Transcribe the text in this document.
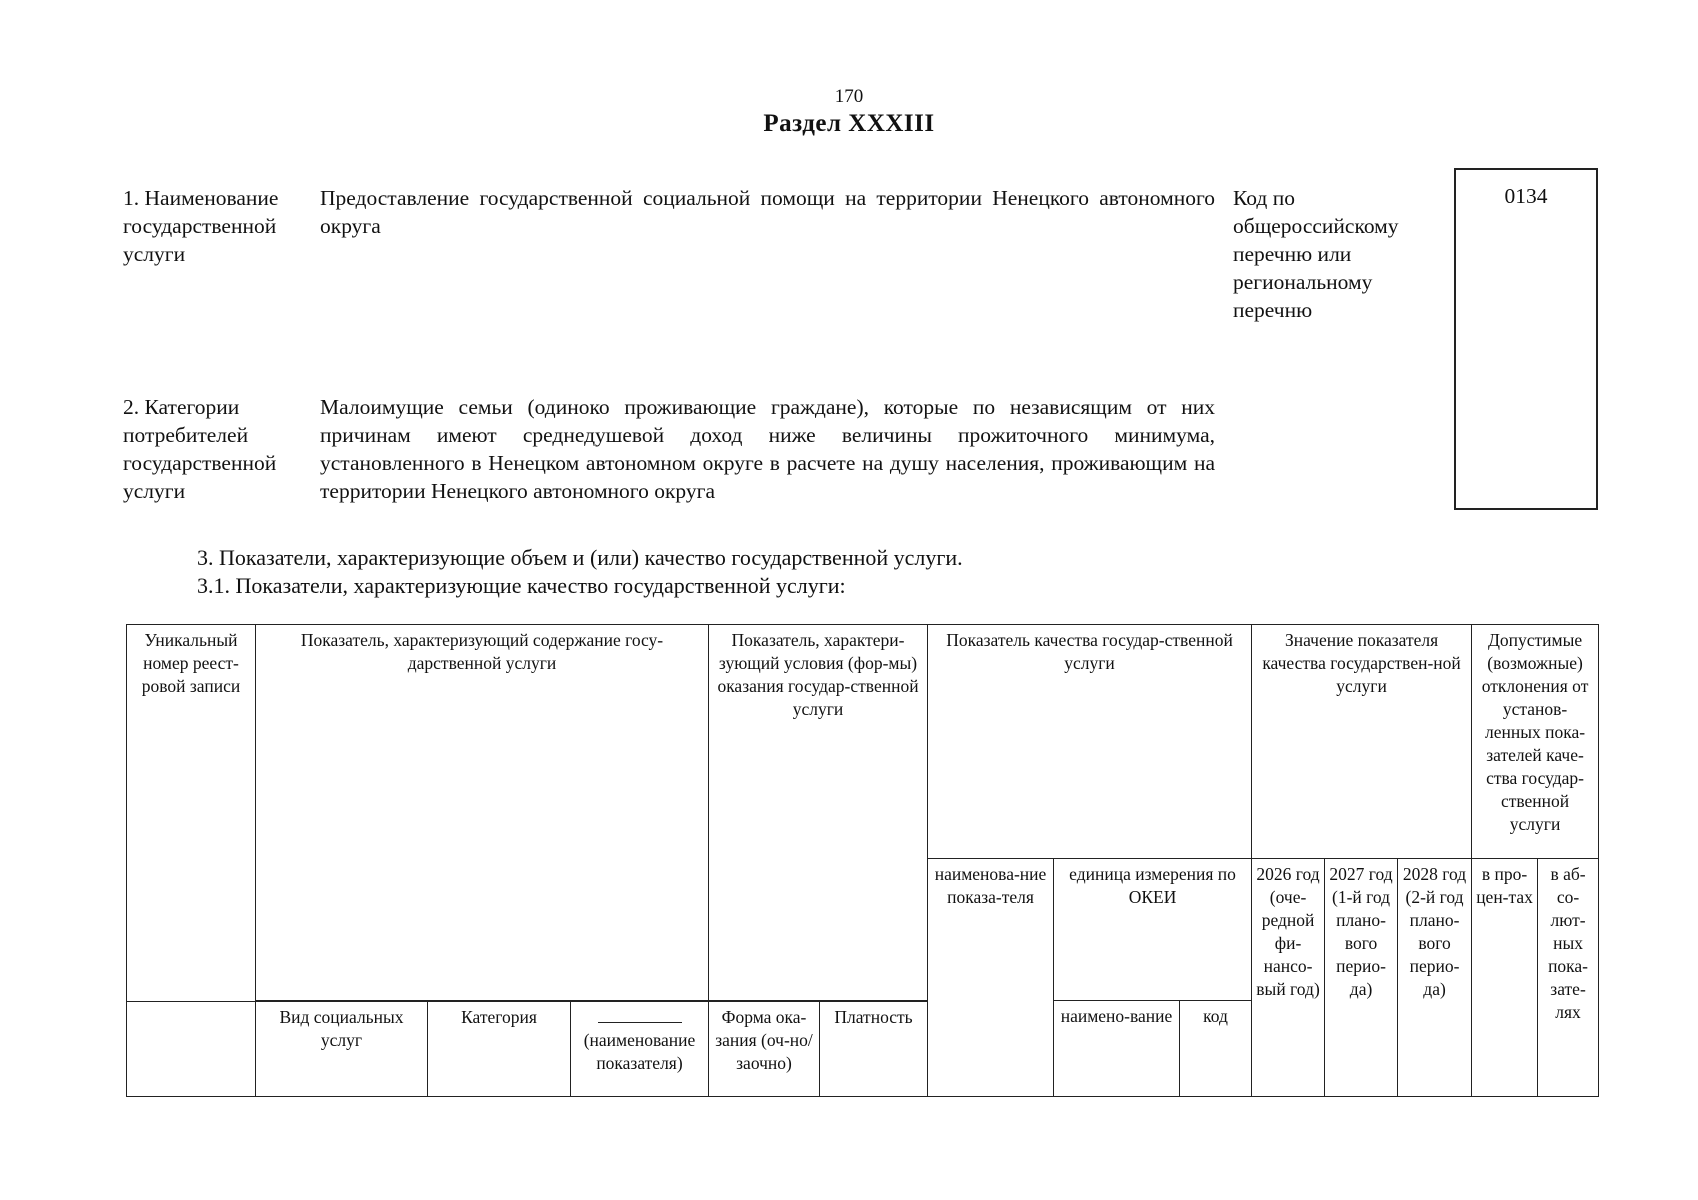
170
Раздел XXXIII
1. Наименование государственной услуги
Предоставление государственной социальной помощи на территории Ненецкого автономного округа
Код по общероссийскому перечню или региональному перечню
0134
2. Категории потребителей государственной услуги
Малоимущие семьи (одиноко проживающие граждане), которые по независящим от них причинам имеют среднедушевой доход ниже величины прожиточного минимума, установленного в Ненецком автономном округе в расчете на душу населения, проживающим на территории Ненецкого автономного округа
3. Показатели, характеризующие объем и (или) качество государственной услуги.
3.1. Показатели, характеризующие качество государственной услуги:
Уникальный номер реест-ровой записи	Показатель, характеризующий содержание госу-дарственной услуги			Показатель, характери-зующий условия (фор-мы) оказания государ-ственной услуги		Показатель качества государ-ственной услуги			Значение показателя качества государствен-ной услуги			Допустимые (возможные) отклонения от установ-ленных пока-зателей каче-ства государ-ственной услуги	
						наименова-ние показа-теля	единица измерения по ОКЕИ		2026 год (оче-редной фи-нансо-вый год)	2027 год (1-й год плано-вого перио-да)	2028 год (2-й год плано-вого перио-да)	в про-цен-тах	в аб-со-лют-ных пока-зате-лях
							наимено-вание	код					
	Вид социальных услуг	Категория	(наименование показателя)	Форма ока-зания (оч-но/заочно)	Платность								
